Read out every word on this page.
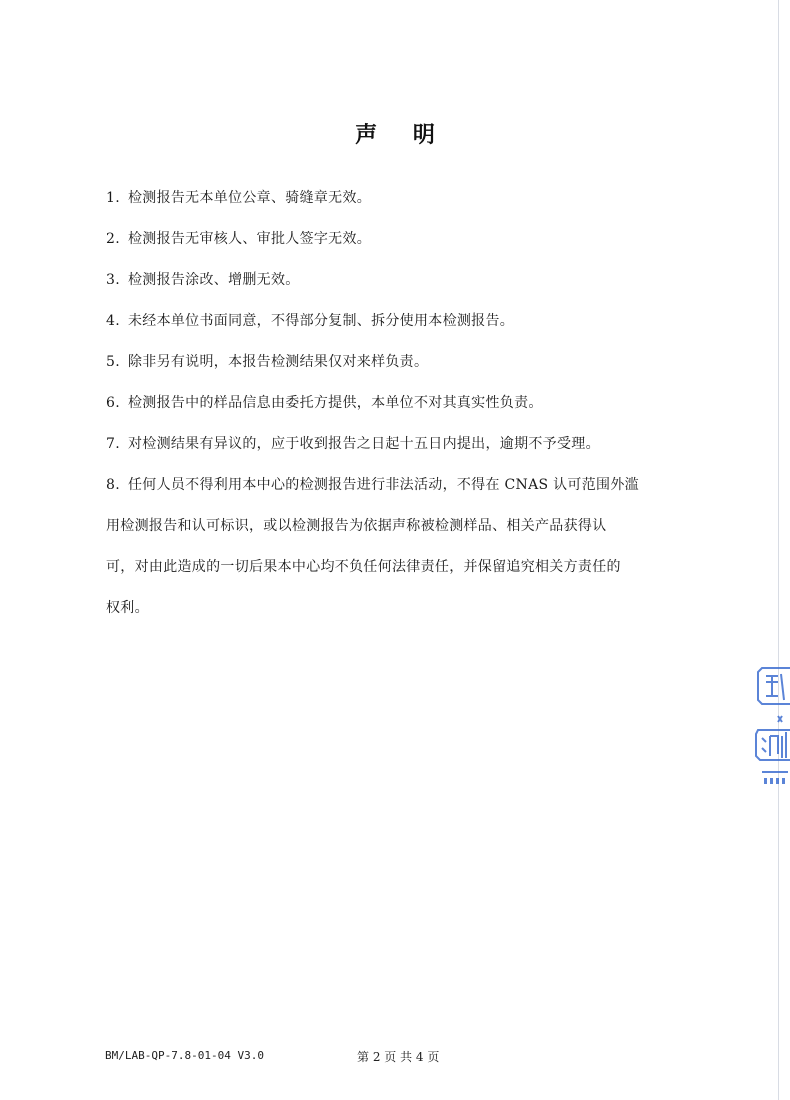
声 明

1. 检测报告无本单位公章、骑缝章无效。

2. 检测报告无审核人、审批人签字无效。

3. 检测报告涂改、增删无效。

4. 未经本单位书面同意，不得部分复制、拆分使用本检测报告。

5. 除非另有说明，本报告检测结果仅对来样负责。

6. 检测报告中的样品信息由委托方提供，本单位不对其真实性负责。

7. 对检测结果有异议的，应于收到报告之日起十五日内提出，逾期不予受理。

8. 任何人员不得利用本中心的检测报告进行非法活动，不得在 CNAS 认可范围外滥

用检测报告和认可标识，或以检测报告为依据声称被检测样品、相关产品获得认

可，对由此造成的一切后果本中心均不负任何法律责任，并保留追究相关方责任的

权利。

BM/LAB-QP-7.8-01-04 V3.0	第 2 页 共 4 页
